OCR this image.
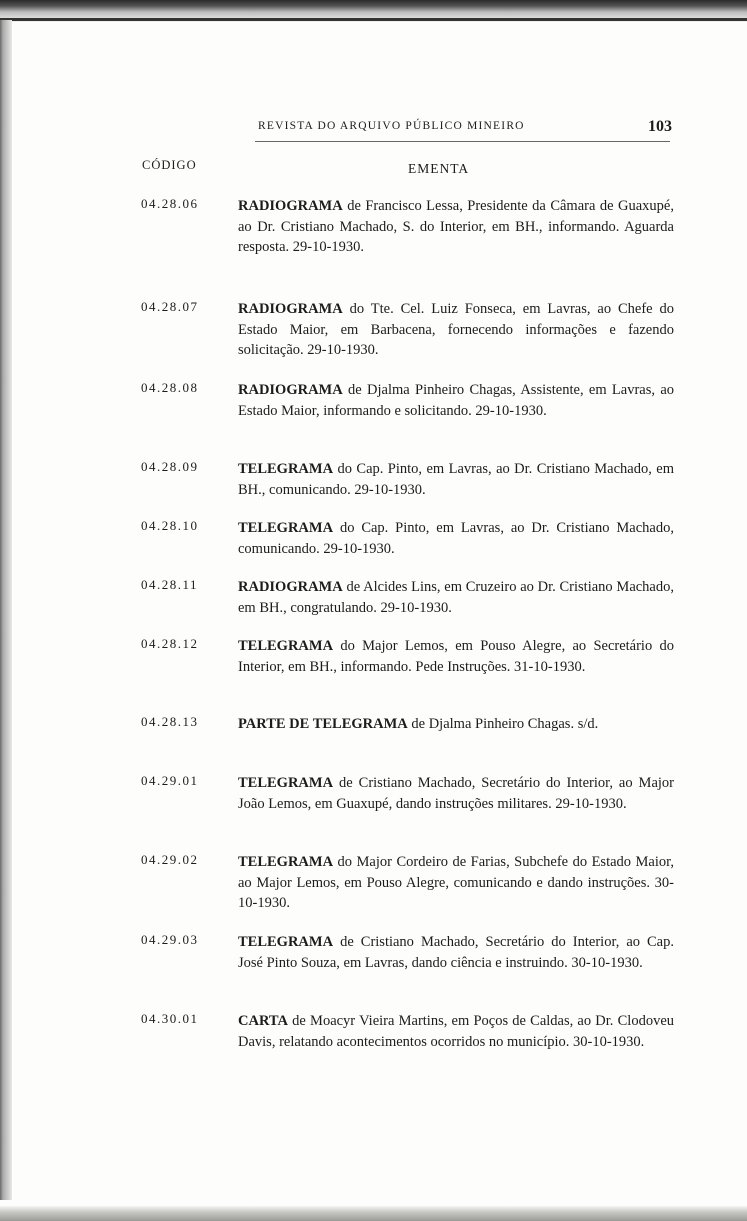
REVISTA DO ARQUIVO PÚBLICO MINEIRO	103
CÓDIGO	EMENTA
04.28.06	RADIOGRAMA de Francisco Lessa, Presidente da Câmara de Guaxupé, ao Dr. Cristiano Machado, S. do Interior, em BH., informando. Aguarda resposta. 29-10-1930.
04.28.07	RADIOGRAMA do Tte. Cel. Luiz Fonseca, em Lavras, ao Chefe do Estado Maior, em Barbacena, fornecendo informações e fazendo solicitação. 29-10-1930.
04.28.08	RADIOGRAMA de Djalma Pinheiro Chagas, Assistente, em Lavras, ao Estado Maior, informando e solicitando. 29-10-1930.
04.28.09	TELEGRAMA do Cap. Pinto, em Lavras, ao Dr. Cristiano Machado, em BH., comunicando. 29-10-1930.
04.28.10	TELEGRAMA do Cap. Pinto, em Lavras, ao Dr. Cristiano Machado, comunicando. 29-10-1930.
04.28.11	RADIOGRAMA de Alcides Lins, em Cruzeiro ao Dr. Cristiano Machado, em BH., congratulando. 29-10-1930.
04.28.12	TELEGRAMA do Major Lemos, em Pouso Alegre, ao Secretário do Interior, em BH., informando. Pede Instruções. 31-10-1930.
04.28.13	PARTE DE TELEGRAMA de Djalma Pinheiro Chagas. s/d.
04.29.01	TELEGRAMA de Cristiano Machado, Secretário do Interior, ao Major João Lemos, em Guaxupé, dando instruções militares. 29-10-1930.
04.29.02	TELEGRAMA do Major Cordeiro de Farias, Subchefe do Estado Maior, ao Major Lemos, em Pouso Alegre, comunicando e dando instruções. 30-10-1930.
04.29.03	TELEGRAMA de Cristiano Machado, Secretário do Interior, ao Cap. José Pinto Souza, em Lavras, dando ciência e instruindo. 30-10-1930.
04.30.01	CARTA de Moacyr Vieira Martins, em Poços de Caldas, ao Dr. Clodoveu Davis, relatando acontecimentos ocorridos no município. 30-10-1930.
